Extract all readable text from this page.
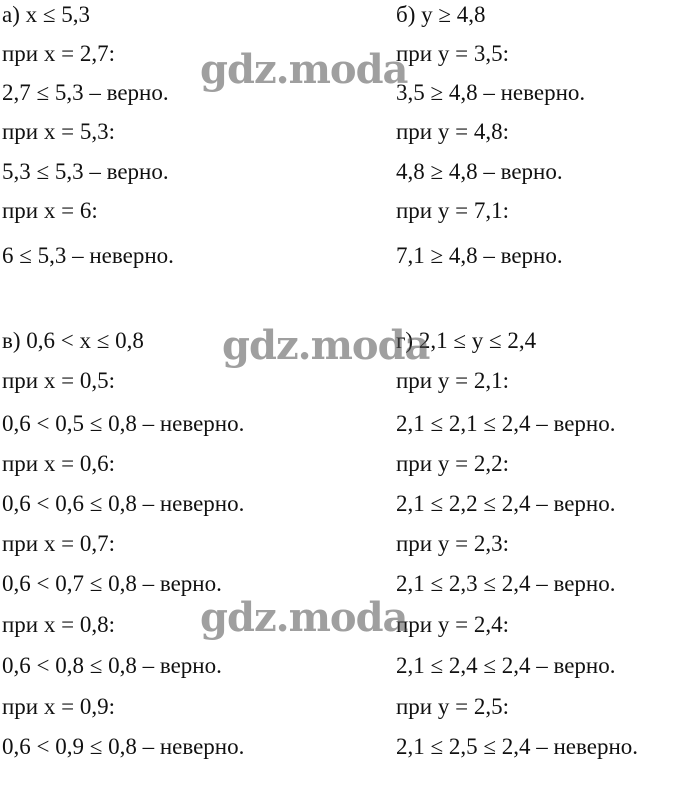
а) x ≤ 5,3
при x = 2,7:
2,7 ≤ 5,3 – верно.
при x = 5,3:
5,3 ≤ 5,3 – верно.
при x = 6:
6 ≤ 5,3 – неверно.
б) y ≥ 4,8
при y = 3,5:
3,5 ≥ 4,8 – неверно.
при y = 4,8:
4,8 ≥ 4,8 – верно.
при y = 7,1:
7,1 ≥ 4,8 – верно.
в) 0,6 < x ≤ 0,8
при x = 0,5:
0,6 < 0,5 ≤ 0,8 – неверно.
при x = 0,6:
0,6 < 0,6 ≤ 0,8 – неверно.
при x = 0,7:
0,6 < 0,7 ≤ 0,8 – верно.
при x = 0,8:
0,6 < 0,8 ≤ 0,8 – верно.
при x = 0,9:
0,6 < 0,9 ≤ 0,8 – неверно.
г) 2,1 ≤ y ≤ 2,4
при y = 2,1:
2,1 ≤ 2,1 ≤ 2,4 – верно.
при y = 2,2:
2,1 ≤ 2,2 ≤ 2,4 – верно.
при y = 2,3:
2,1 ≤ 2,3 ≤ 2,4 – верно.
при y = 2,4:
2,1 ≤ 2,4 ≤ 2,4 – верно.
при y = 2,5:
2,1 ≤ 2,5 ≤ 2,4 – неверно.
gdz.moda
gdz.moda
gdz.moda
